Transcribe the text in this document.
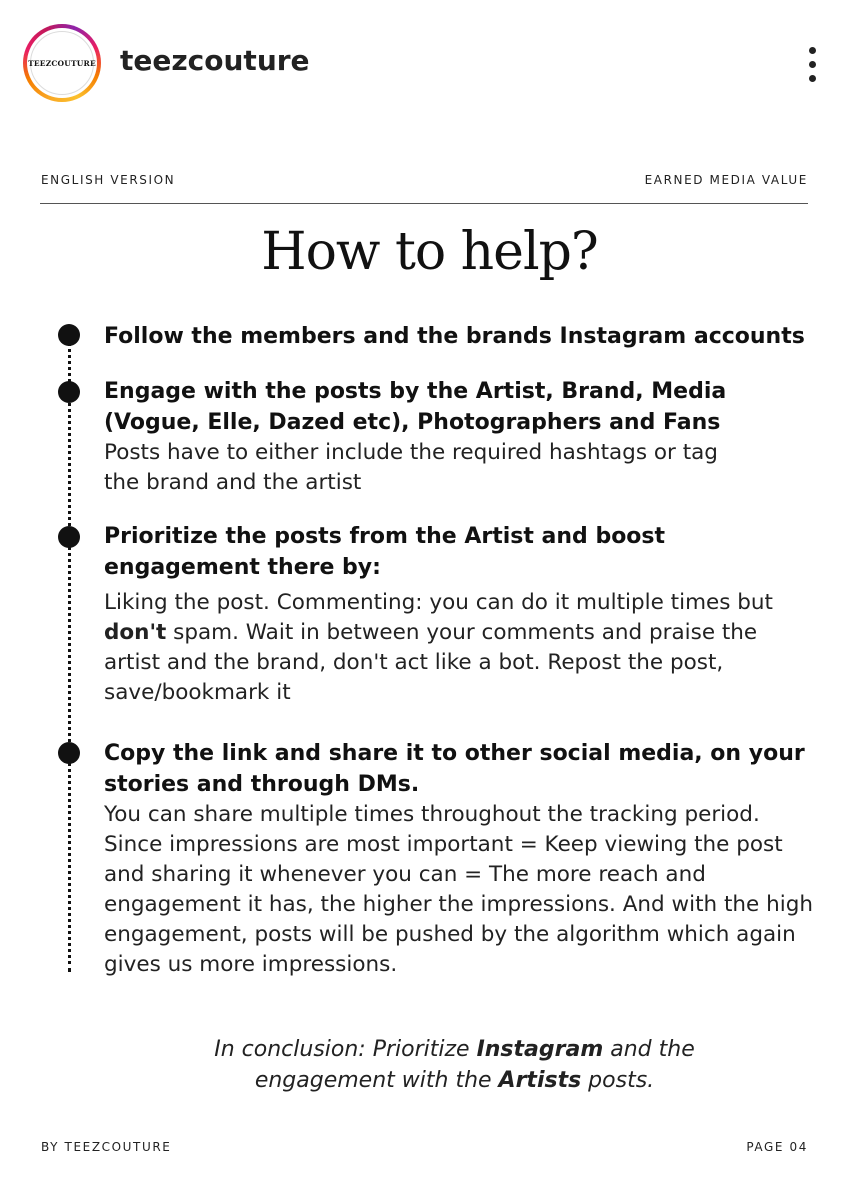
TEEZCOUTURE teezcouture
ENGLISH VERSION	EARNED MEDIA VALUE
How to help?
Follow the members and the brands Instagram accounts
Engage with the posts by the Artist, Brand, Media
(Vogue, Elle, Dazed etc), Photographers and Fans
Posts have to either include the required hashtags or tag
the brand and the artist
Prioritize the posts from the Artist and boost
engagement there by:
Liking the post. Commenting: you can do it multiple times but don't spam. Wait in between your comments and praise the artist and the brand, don't act like a bot. Repost the post, save/bookmark it
Copy the link and share it to other social media, on your
stories and through DMs.
You can share multiple times throughout the tracking period. Since impressions are most important = Keep viewing the post and sharing it whenever you can = The more reach and engagement it has, the higher the impressions. And with the high engagement, posts will be pushed by the algorithm which again gives us more impressions.
In conclusion: Prioritize Instagram and the
engagement with the Artists posts.
BY TEEZCOUTURE	PAGE 04
